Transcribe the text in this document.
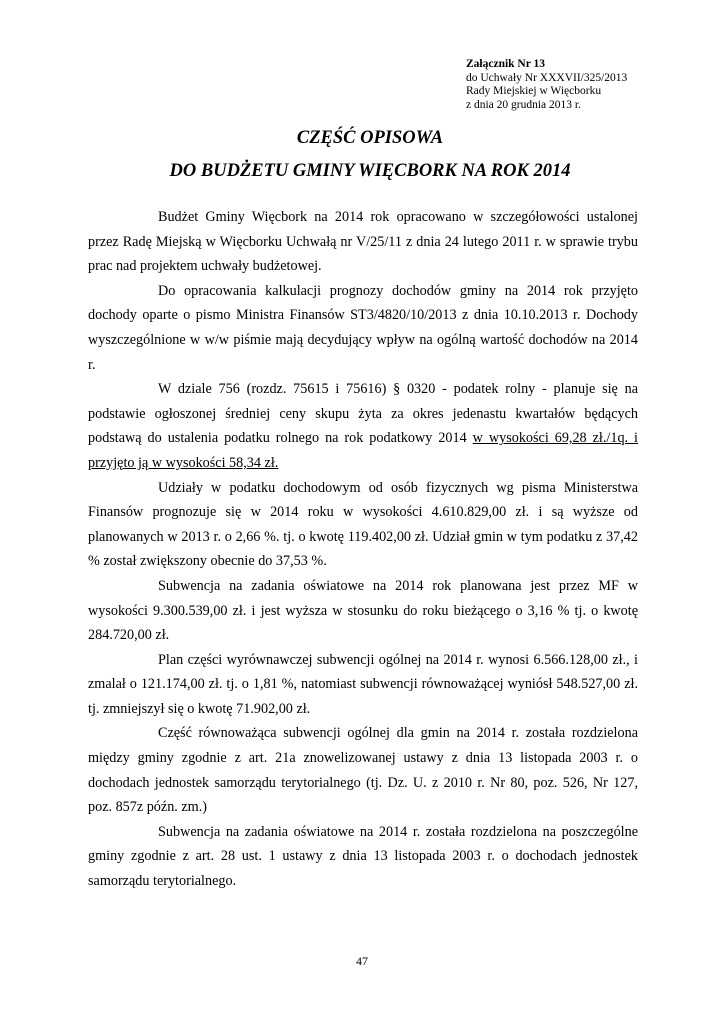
Załącznik Nr 13
do Uchwały Nr XXXVII/325/2013
Rady Miejskiej w Więcborku
z dnia 20 grudnia 2013 r.
CZĘŚĆ OPISOWA
DO BUDŻETU GMINY WIĘCBORK NA ROK 2014

Budżet Gminy Więcbork na 2014 rok opracowano w szczegółowości ustalonej przez Radę Miejską w Więcborku Uchwałą nr V/25/11 z dnia 24 lutego 2011 r. w sprawie trybu prac nad projektem uchwały budżetowej.

Do opracowania kalkulacji prognozy dochodów gminy na 2014 rok przyjęto dochody oparte o pismo Ministra Finansów ST3/4820/10/2013 z dnia 10.10.2013 r. Dochody wyszczególnione w w/w piśmie mają decydujący wpływ na ogólną wartość dochodów na 2014 r.

W dziale 756 (rozdz. 75615 i 75616) § 0320 - podatek rolny - planuje się na podstawie ogłoszonej średniej ceny skupu żyta za okres jedenastu kwartałów będących podstawą do ustalenia podatku rolnego na rok podatkowy 2014 w wysokości 69,28 zł./1q. i przyjęto ją w wysokości 58,34 zł.

Udziały w podatku dochodowym od osób fizycznych wg pisma Ministerstwa Finansów prognozuje się w 2014 roku w wysokości 4.610.829,00 zł. i są wyższe od planowanych w 2013 r. o 2,66 %. tj. o kwotę 119.402,00 zł. Udział gmin w tym podatku z 37,42 % został zwiększony obecnie do 37,53 %.

Subwencja na zadania oświatowe na 2014 rok planowana jest przez MF w wysokości 9.300.539,00 zł. i jest wyższa w stosunku do roku bieżącego o 3,16 % tj. o kwotę 284.720,00 zł.

Plan części wyrównawczej subwencji ogólnej na 2014 r. wynosi 6.566.128,00 zł., i zmalał o 121.174,00 zł. tj. o 1,81 %, natomiast subwencji równoważącej wyniósł 548.527,00 zł. tj. zmniejszył się o kwotę 71.902,00 zł.

Część równoważąca subwencji ogólnej dla gmin na 2014 r. została rozdzielona między gminy zgodnie z art. 21a znowelizowanej ustawy z dnia 13 listopada 2003 r. o dochodach jednostek samorządu terytorialnego (tj. Dz. U. z 2010 r. Nr 80, poz. 526, Nr 127, poz. 857z późn. zm.)

Subwencja na zadania oświatowe na 2014 r. została rozdzielona na poszczególne gminy zgodnie z art. 28 ust. 1 ustawy z dnia 13 listopada 2003 r. o dochodach jednostek samorządu terytorialnego.

47
